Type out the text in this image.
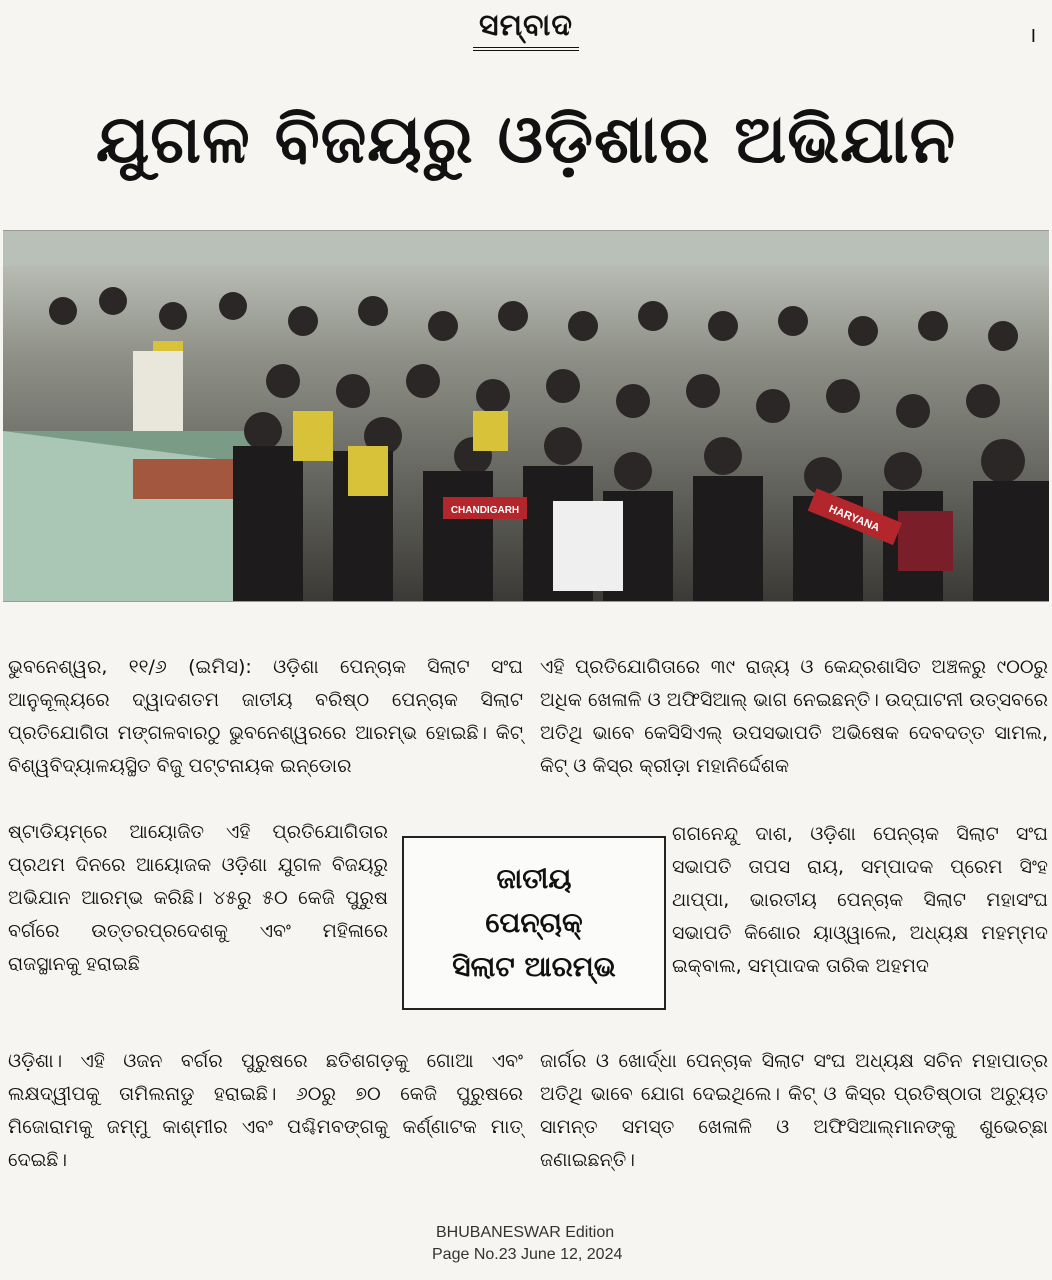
ସମ୍ବାଦ	I
ଯୁଗଳ ବିଜୟରୁ ଓଡ଼ିଶାର ଅଭିଯାନ
CHANDIGARH	HARYANA

ଭୁବନେଶ୍ୱର, ୧୧/୬ (ଇମିସ): ଓଡ଼ିଶା ପେନ୍‌ଚାକ ସିଲାଟ ସଂଘ ଆନୁକୂଲ୍ୟରେ ଦ୍ୱାଦଶତମ ଜାତୀୟ ବରିଷ୍ଠ ପେନ୍‌ଚାକ ସିଲାଟ ପ୍ରତିଯୋଗିତା ମଙ୍ଗଳବାରଠୁ ଭୁବନେଶ୍ୱରରେ ଆରମ୍ଭ ହୋଇଛି। କିଟ୍ ବିଶ୍ୱବିଦ୍ୟାଳୟସ୍ଥିତ ବିଜୁ ପଟ୍ଟନାୟକ ଇନ୍‌ଡୋର

ଷ୍ଟାଡିୟମ୍‌ରେ ଆୟୋଜିତ ଏହି ପ୍ରତିଯୋଗିତାର ପ୍ରଥମ ଦିନରେ ଆୟୋଜକ ଓଡ଼ିଶା ଯୁଗଳ ବିଜୟରୁ ଅଭିଯାନ ଆରମ୍ଭ କରିଛି। ୪୫ରୁ ୫୦ କେଜି ପୁରୁଷ ବର୍ଗରେ ଉତ୍ତରପ୍ରଦେଶକୁ ଏବଂ ମହିଳାରେ ରାଜସ୍ଥାନକୁ ହରାଇଛି

ଏହି ପ୍ରତିଯୋଗିତାରେ ୩୯ ରାଜ୍ୟ ଓ କେନ୍ଦ୍ରଶାସିତ ଅଞ୍ଚଳରୁ ୯୦୦ରୁ ଅଧିକ ଖେଳାଳି ଓ ଅଫିସିଆଲ୍ ଭାଗ ନେଇଛନ୍ତି। ଉଦ୍‌ଘାଟନୀ ଉତ୍ସବରେ ଅତିଥି ଭାବେ କେସିସିଏଲ୍ ଉପସଭାପତି ଅଭିଷେକ ଦେବଦତ୍ତ ସାମଲ, କିଟ୍ ଓ କିସ୍‌ର କ୍ରୀଡ଼ା ମହାନିର୍ଦ୍ଦେଶକ

ଗଗନେନ୍ଦୁ ଦାଶ, ଓଡ଼ିଶା ପେନ୍‌ଚାକ ସିଲାଟ ସଂଘ ସଭାପତି ତାପସ ରାୟ, ସମ୍ପାଦକ ପ୍ରେମ ସିଂହ ଥାପ୍ପା, ଭାରତୀୟ ପେନ୍‌ଚାକ ସିଲାଟ ମହାସଂଘ ସଭାପତି କିଶୋର ୟାଓ୍ୱାଲେ, ଅଧ୍ୟକ୍ଷ ମହମ୍ମଦ ଇକ୍‌ବାଲ, ସମ୍ପାଦକ ତାରିକ ଅହମଦ

ଜାତୀୟ
ପେନ୍‌ଚାକ୍
ସିଲାଟ ଆରମ୍ଭ
ଓଡ଼ିଶା। ଏହି ଓଜନ ବର୍ଗର ପୁରୁଷରେ ଛତିଶଗଡ଼କୁ ଗୋଆ ଏବଂ ଲକ୍ଷଦ୍ୱୀପକୁ ତାମିଲନାଡୁ ହରାଇଛି। ୬୦ରୁ ୭୦ କେଜି ପୁରୁଷରେ ମିଜୋରାମକୁ ଜମ୍ମୁ କାଶ୍ମୀର ଏବଂ ପଶ୍ଚିମବଙ୍ଗକୁ କର୍ଣ୍ଣାଟକ ମାତ୍ ଦେଇଛି।
ଜାର୍ଗର ଓ ଖୋର୍ଦ୍ଧା ପେନ୍‌ଚାକ ସିଲାଟ ସଂଘ ଅଧ୍ୟକ୍ଷ ସଚିନ ମହାପାତ୍ର ଅତିଥି ଭାବେ ଯୋଗ ଦେଇଥିଲେ। କିଟ୍ ଓ କିସ୍‌ର ପ୍ରତିଷ୍ଠାତା ଅଚ୍ୟୁତ ସାମନ୍ତ ସମସ୍ତ ଖେଳାଳି ଓ ଅଫିସିଆଲ୍‌ମାନଙ୍କୁ ଶୁଭେଚ୍ଛା ଜଣାଇଛନ୍ତି।
BHUBANESWAR Edition
Page No.23 June 12, 2024
